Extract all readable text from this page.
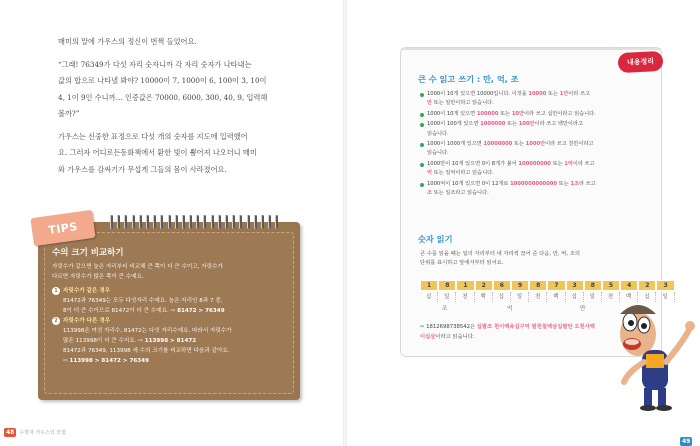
매미의 말에 가우스의 정신이 번쩍 들었어요.

“그래! 76349가 다섯 자리 숫자니까 각 자리 숫자가 나타내는

값의 합으로 나타낼 봐야? 10000이 7, 1000이 6, 100이 3, 10이

4, 1이 9인 수니까… 인증값은 70000, 6000, 300, 40, 9, 입력해

볼까?”

가우스는 신중한 표정으로 다섯 개의 숫자를 지도에 입력했어

요. 그러자 어디로든동화책에서 환한 빛이 뿜어져 나오더니 매미

와 가우스를 감싸기가 무섭게 그들의 몸이 사라졌어요.

TIPS
수의 크기 비교하기
자릿수가 같으면 높은 자리부터 비교해 큰 쪽이 더 큰 수이고, 자릿수가
다르면 자릿수가 많은 쪽이 큰 수예요.
1 자릿수가 같은 경우
81472과 76349는 모두 다섯자리 수예요. 높은 자리인 8과 7 중,
8이 더 큰 수이므로 81472이 더 큰 수예요. ⇨ 81472 > 76349
2 자릿수가 다른 경우
113998은 여섯 자리수, 81472는 다섯 자리수예요. 따라서 자릿수가
많은 113998이 더 큰 수지요. ⇨ 113998 > 81472
81472과 76349, 113998 세 수의 크기를 비교하면 다음과 같아요.
⇨ 113998 > 81472 > 76349
48	수학자 가우스의 모험
내용정리
큰 수 읽고 쓰기 : 만, 억, 조
1000이 10개 있으면 10000입니다. 이것을 10000 또는 1만이라 쓰고
만 또는 일만이라고 읽습니다.
1000이 10개 있으면 100000 또는 10만이라 쓰고 십만이라고 읽습니다.
1000이 100개 있으면 1000000 또는 100만이라 쓰고 백만이라고
읽습니다.
1000이 1000개 있으면 10000000 또는 1000만이라 쓰고 천만이라고
읽습니다.
1000만이 10개 있으면 0이 8개가 붙어 100000000 또는 1억이라 쓰고
억 또는 일억이라고 읽습니다.
1000억이 10개 있으면 0이 12개로 1000000000000 또는 1조라 쓰고
조 또는 일조라고 읽습니다.
숫자 읽기
큰 수를 읽을 때는 일의 자리부터 네 자리씩 끊어 준 다음, 만, 억, 조의
단위를 표시하고 앞에서부터 읽어요.
1	8	1	2	6	9	8	7	3	8	5	4	2	3
십	일	천	백	십	일	천	백	십	일	천	백	십	일
조	억	만
⇨ 1812698738542은 십팔조 천이백육십구억 팔천칠백삼십팔만 오천사백
이십삼이라고 읽습니다.
49
